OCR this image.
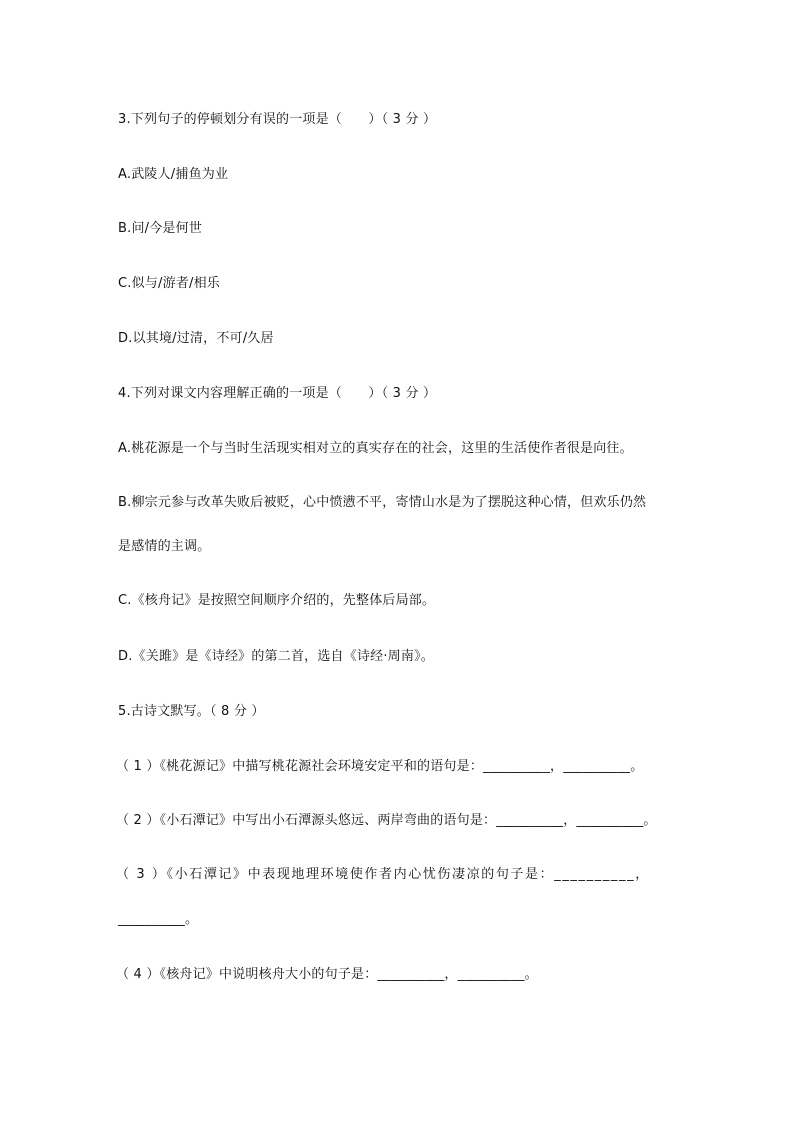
3.下列句子的停顿划分有误的一项是（　　）（ 3 分 ）
A.武陵人/捕鱼为业
B.问/今是何世
C.似与/游者/相乐
D.以其境/过清，不可/久居
4.下列对课文内容理解正确的一项是（　　）（ 3 分 ）
A.桃花源是一个与当时生活现实相对立的真实存在的社会，这里的生活使作者很是向往。
B.柳宗元参与改革失败后被贬，心中愤懑不平，寄情山水是为了摆脱这种心情，但欢乐仍然
是感情的主调。
C.《核舟记》是按照空间顺序介绍的，先整体后局部。
D.《关雎》是《诗经》的第二首，选自《诗经·周南》。
5.古诗文默写。（ 8 分 ）
（ 1 ）《桃花源记》中描写桃花源社会环境安定平和的语句是：__________，__________。
（ 2 ）《小石潭记》中写出小石潭源头悠远、两岸弯曲的语句是：__________，__________。
（ 3 ）《小石潭记》中表现地理环境使作者内心忧伤凄凉的句子是：__________，
__________。
（ 4 ）《核舟记》中说明核舟大小的句子是：__________，__________。
